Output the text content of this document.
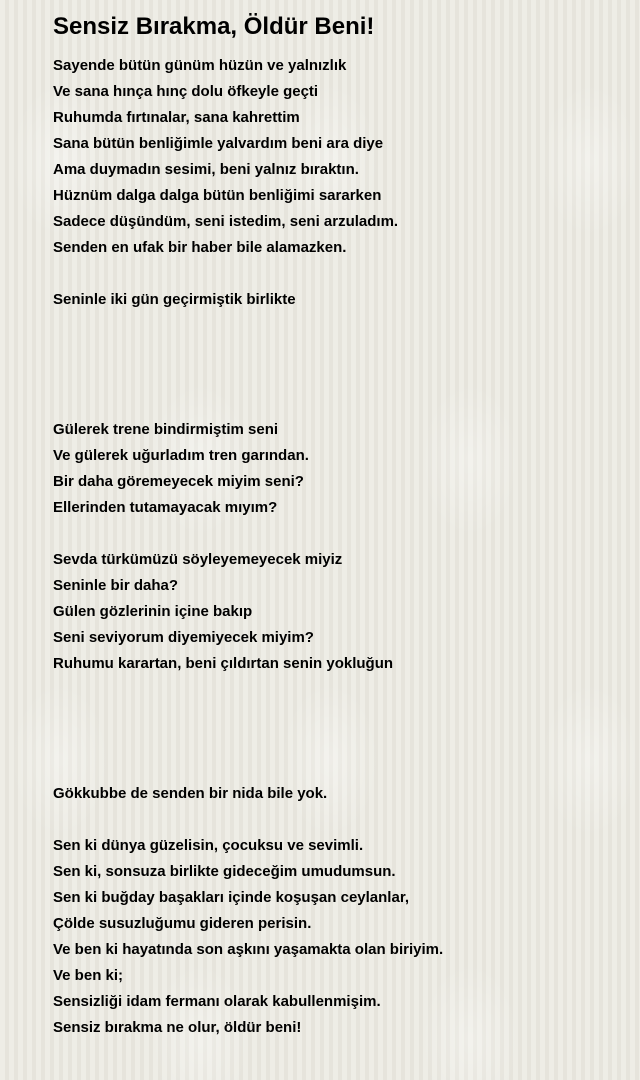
Sensiz Bırakma, Öldür Beni!
Sayende bütün günüm hüzün ve yalnızlık
Ve sana hınça hınç dolu öfkeyle geçti
Ruhumda fırtınalar, sana kahrettim
Sana bütün benliğimle yalvardım beni ara diye
Ama duymadın sesimi, beni yalnız bıraktın.
Hüznüm dalga dalga bütün benliğimi sararken
Sadece düşündüm, seni istedim, seni arzuladım.
Senden en ufak bir haber bile alamazken.
Seninle iki gün geçirmiştik birlikte
Gülerek trene bindirmiştim seni
Ve gülerek uğurladım tren garından.
Bir daha göremeyecek miyim seni?
Ellerinden tutamayacak mıyım?
Sevda türkümüzü söyleyemeyecek miyiz
Seninle bir daha?
Gülen gözlerinin içine bakıp
Seni seviyorum diyemiyecek miyim?
Ruhumu karartan, beni çıldırtan senin yokluğun
Gökkubbe de senden bir nida bile yok.
Sen ki dünya güzelisin, çocuksu ve sevimli.
Sen ki, sonsuza birlikte gideceğim umudumsun.
Sen ki buğday başakları içinde koşuşan ceylanlar,
Çölde susuzluğumu gideren perisin.
Ve ben ki hayatında son aşkını yaşamakta olan biriyim.
Ve ben ki;
Sensizliği idam fermanı olarak kabullenmişim.
Sensiz bırakma ne olur, öldür beni!
